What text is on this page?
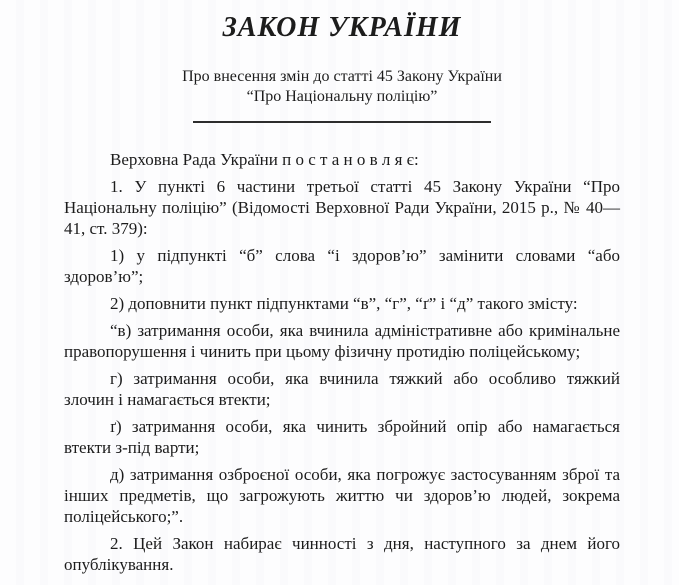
ЗАКОН УКРАЇНИ
Про внесення змін до статті 45 Закону України
“Про Національну поліцію”

Верховна Рада України п о с т а н о в л я є:

1. У пункті 6 частини третьої статті 45 Закону України “Про Національну поліцію” (Відомості Верховної Ради України, 2015 р., № 40—41, ст. 379):

1) у підпункті “б” слова “і здоров’ю” замінити словами “або здоров’ю”;

2) доповнити пункт підпунктами “в”, “г”, “ґ” і “д” такого змісту:

“в) затримання особи, яка вчинила адміністративне або кримінальне правопорушення і чинить при цьому фізичну протидію поліцейському;

г) затримання особи, яка вчинила тяжкий або особливо тяжкий злочин і намагається втекти;

ґ) затримання особи, яка чинить збройний опір або намагається втекти з-під варти;

д) затримання озброєної особи, яка погрожує застосуванням зброї та інших предметів, що загрожують життю чи здоров’ю людей, зокрема поліцейського;”.

2. Цей Закон набирає чинності з дня, наступного за днем його опублікування.
